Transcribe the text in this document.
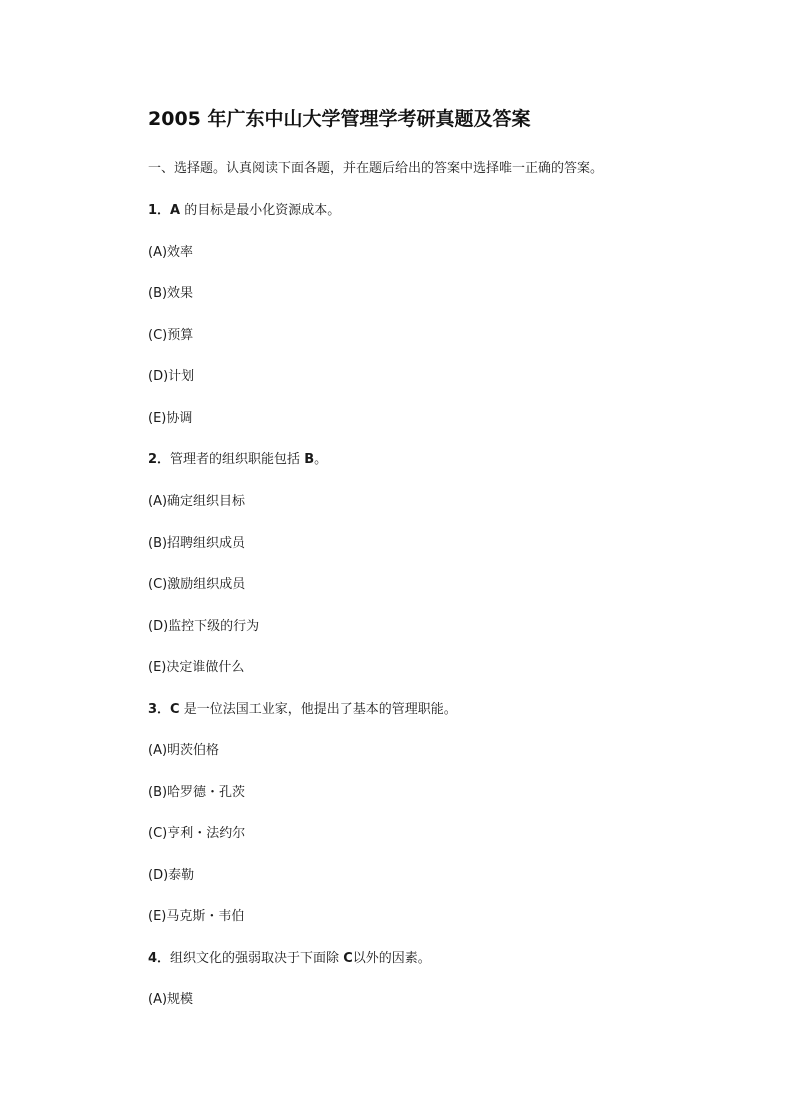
2005 年广东中山大学管理学考研真题及答案
一、选择题。认真阅读下面各题，并在题后给出的答案中选择唯一正确的答案。
1．A 的目标是最小化资源成本。
(A)效率
(B)效果
(C)预算
(D)计划
(E)协调
2．管理者的组织职能包括 B。
(A)确定组织目标
(B)招聘组织成员
(C)激励组织成员
(D)监控下级的行为
(E)决定谁做什么
3．C 是一位法国工业家，他提出了基本的管理职能。
(A)明茨伯格
(B)哈罗德・孔茨
(C)亨利・法约尔
(D)泰勒
(E)马克斯・韦伯
4．组织文化的强弱取决于下面除 C以外的因素。
(A)规模
